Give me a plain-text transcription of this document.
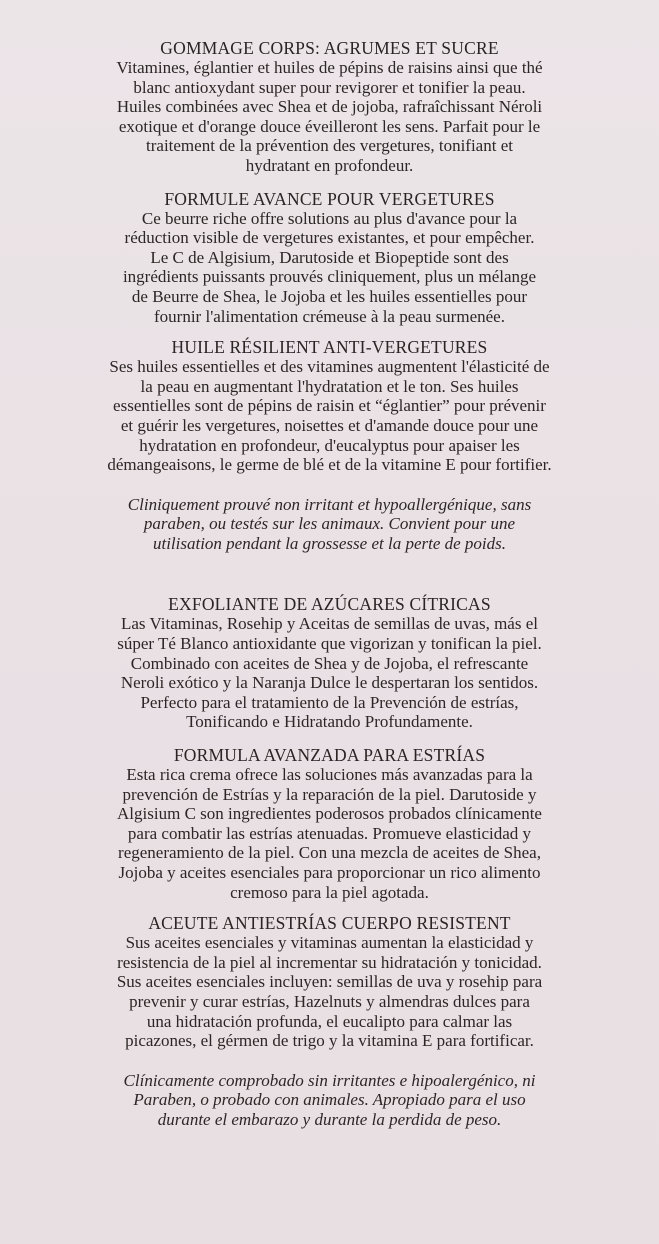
GOMMAGE CORPS: AGRUMES ET SUCRE

Vitamines, églantier et huiles de pépins de raisins ainsi que thé

blanc antioxydant super pour revigorer et tonifier la peau.

Huiles combinées avec Shea et de jojoba, rafraîchissant Néroli

exotique et d'orange douce éveilleront les sens. Parfait pour le

traitement de la prévention des vergetures, tonifiant et

hydratant en profondeur.

FORMULE AVANCE POUR VERGETURES

Ce beurre riche offre solutions au plus d'avance pour la

réduction visible de vergetures existantes, et pour empêcher.

Le C de Algisium, Darutoside et Biopeptide sont des

ingrédients puissants prouvés cliniquement, plus un mélange

de Beurre de Shea, le Jojoba et les huiles essentielles pour

fournir l'alimentation crémeuse à la peau surmenée.

HUILE RÉSILIENT ANTI-VERGETURES

Ses huiles essentielles et des vitamines augmentent l'élasticité de

la peau en augmentant l'hydratation et le ton. Ses huiles

essentielles sont de pépins de raisin et “églantier” pour prévenir

et guérir les vergetures, noisettes et d'amande douce pour une

hydratation en profondeur, d'eucalyptus pour apaiser les

démangeaisons, le germe de blé et de la vitamine E pour fortifier.

Cliniquement prouvé non irritant et hypoallergénique, sans

paraben, ou testés sur les animaux. Convient pour une

utilisation pendant la grossesse et la perte de poids.

EXFOLIANTE DE AZÚCARES CÍTRICAS

Las Vitaminas, Rosehip y Aceitas de semillas de uvas, más el

súper Té Blanco antioxidante que vigorizan y tonifican la piel.

Combinado con aceites de Shea y de Jojoba, el refrescante

Neroli exótico y la Naranja Dulce le despertaran los sentidos.

Perfecto para el tratamiento de la Prevención de estrías,

Tonificando e Hidratando Profundamente.

FORMULA AVANZADA PARA ESTRÍAS

Esta rica crema ofrece las soluciones más avanzadas para la

prevención de Estrías y la reparación de la piel. Darutoside y

Algisium C son ingredientes poderosos probados clínicamente

para combatir las estrías atenuadas. Promueve elasticidad y

regeneramiento de la piel. Con una mezcla de aceites de Shea,

Jojoba y aceites esenciales para proporcionar un rico alimento

cremoso para la piel agotada.

ACEUTE ANTIESTRÍAS CUERPO RESISTENT

Sus aceites esenciales y vitaminas aumentan la elasticidad y

resistencia de la piel al incrementar su hidratación y tonicidad.

Sus aceites esenciales incluyen: semillas de uva y rosehip para

prevenir y curar estrías, Hazelnuts y almendras dulces para

una hidratación profunda, el eucalipto para calmar las

picazones, el gérmen de trigo y la vitamina E para fortificar.

Clínicamente comprobado sin irritantes e hipoalergénico, ni

Paraben, o probado con animales. Apropiado para el uso

durante el embarazo y durante la perdida de peso.
